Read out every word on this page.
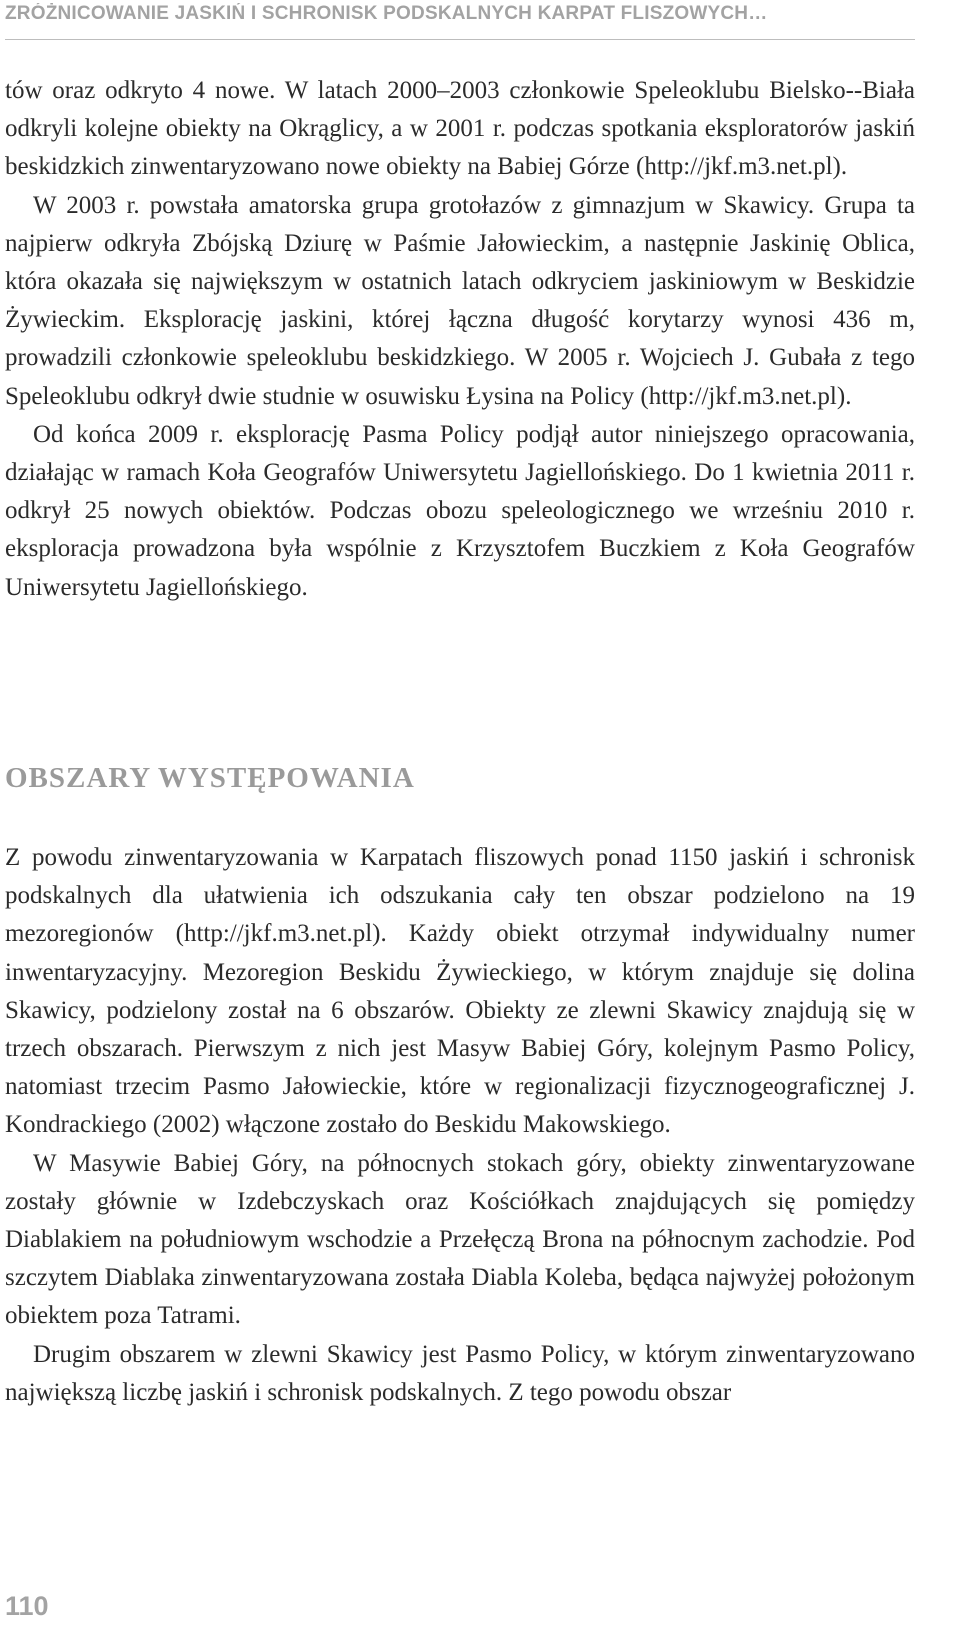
ZRÓŻNICOWANIE JASKIŃ I SCHRONISK PODSKALNYCH KARPAT FLISZOWYCH…

tów oraz odkryto 4 nowe. W latach 2000–2003 członkowie Speleoklubu Bielsko--Biała odkryli kolejne obiekty na Okrąglicy, a w 2001 r. podczas spotkania eksploratorów jaskiń beskidzkich zinwentaryzowano nowe obiekty na Babiej Górze (http://jkf.m3.net.pl).

W 2003 r. powstała amatorska grupa grotołazów z gimnazjum w Skawicy. Grupa ta najpierw odkryła Zbójską Dziurę w Paśmie Jałowieckim, a następnie Jaskinię Oblica, która okazała się największym w ostatnich latach odkryciem jaskiniowym w Beskidzie Żywieckim. Eksplorację jaskini, której łączna długość korytarzy wynosi 436 m, prowadzili członkowie speleoklubu beskidzkiego. W 2005 r. Wojciech J. Gubała z tego Speleoklubu odkrył dwie studnie w osuwisku Łysina na Policy (http://jkf.m3.net.pl).

Od końca 2009 r. eksplorację Pasma Policy podjął autor niniejszego opracowania, działając w ramach Koła Geografów Uniwersytetu Jagiellońskiego. Do 1 kwietnia 2011 r. odkrył 25 nowych obiektów. Podczas obozu speleologicznego we wrześniu 2010 r. eksploracja prowadzona była wspólnie z Krzysztofem Buczkiem z Koła Geografów Uniwersytetu Jagiellońskiego.

OBSZARY WYSTĘPOWANIA

Z powodu zinwentaryzowania w Karpatach fliszowych ponad 1150 jaskiń i schronisk podskalnych dla ułatwienia ich odszukania cały ten obszar podzielono na 19 mezoregionów (http://jkf.m3.net.pl). Każdy obiekt otrzymał indywidualny numer inwentaryzacyjny. Mezoregion Beskidu Żywieckiego, w którym znajduje się dolina Skawicy, podzielony został na 6 obszarów. Obiekty ze zlewni Skawicy znajdują się w trzech obszarach. Pierwszym z nich jest Masyw Babiej Góry, kolejnym Pasmo Policy, natomiast trzecim Pasmo Jałowieckie, które w regionalizacji fizycznogeograficznej J. Kondrackiego (2002) włączone zostało do Beskidu Makowskiego.

W Masywie Babiej Góry, na północnych stokach góry, obiekty zinwentaryzowane zostały głównie w Izdebczyskach oraz Kościółkach znajdujących się pomiędzy Diablakiem na południowym wschodzie a Przełęczą Brona na północnym zachodzie. Pod szczytem Diablaka zinwentaryzowana została Diabla Koleba, będąca najwyżej położonym obiektem poza Tatrami.

Drugim obszarem w zlewni Skawicy jest Pasmo Policy, w którym zinwentaryzowano największą liczbę jaskiń i schronisk podskalnych. Z tego powodu obszar

110
